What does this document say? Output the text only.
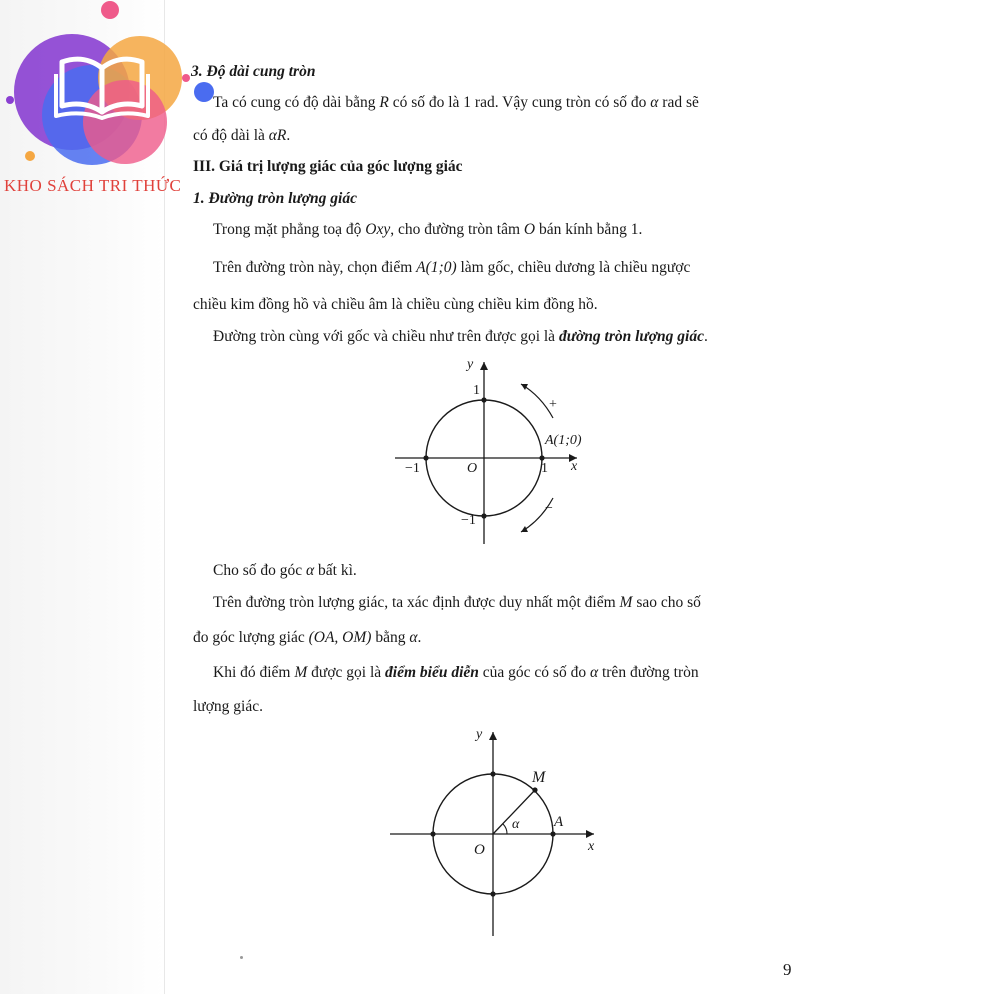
KHO SÁCH TRI THỨC
3. Độ dài cung tròn
Ta có cung có độ dài bằng R có số đo là 1 rad. Vậy cung tròn có số đo α rad sẽ
có độ dài là αR.
III. Giá trị lượng giác của góc lượng giác
1. Đường tròn lượng giác
Trong mặt phẳng toạ độ Oxy, cho đường tròn tâm O bán kính bằng 1.
Trên đường tròn này, chọn điểm A(1;0) làm gốc, chiều dương là chiều ngược
chiều kim đồng hồ và chiều âm là chiều cùng chiều kim đồng hồ.
Đường tròn cùng với gốc và chiều như trên được gọi là đường tròn lượng giác.
y
x
1
1
−1
−1
O
A(1;0)
+
−
Cho số đo góc α bất kì.
Trên đường tròn lượng giác, ta xác định được duy nhất một điểm M sao cho số
đo góc lượng giác (OA, OM) bằng α.
Khi đó điểm M được gọi là điểm biểu diễn của góc có số đo α trên đường tròn
lượng giác.
y
x
O
M
A
α
9
